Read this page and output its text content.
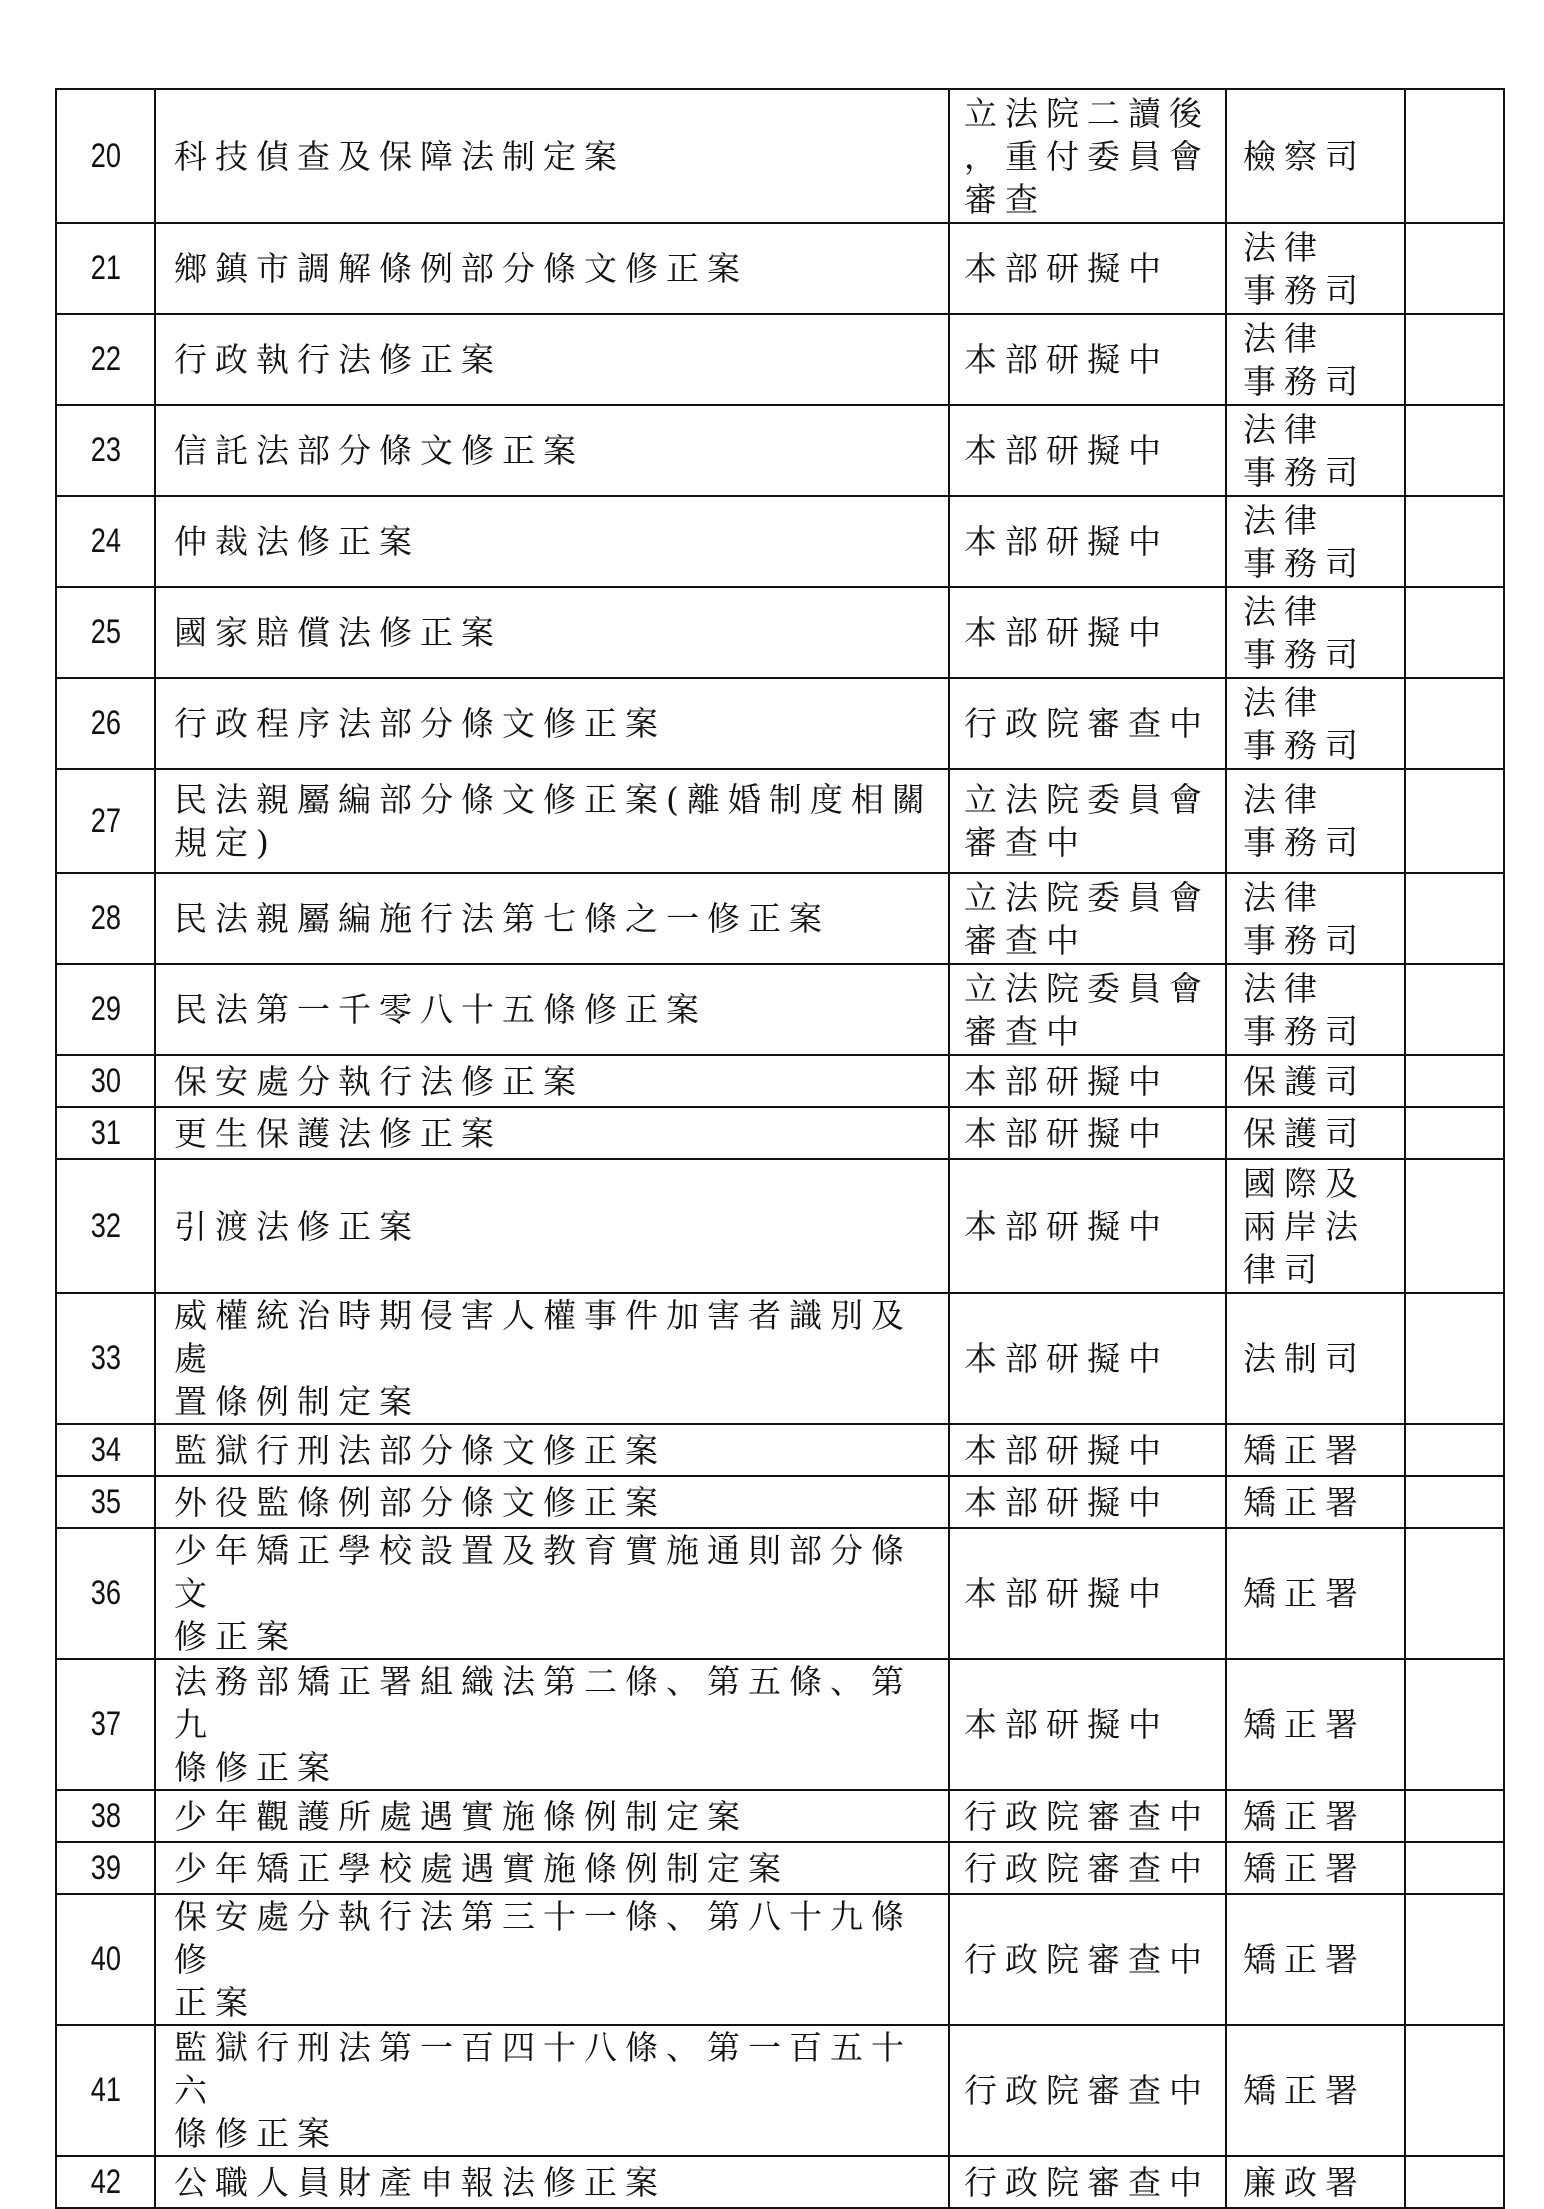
20	科技偵查及保障法制定案	立法院二讀後
，重付委員會
審查	檢察司	

21	鄉鎮市調解條例部分條文修正案	本部研擬中	法律
事務司	

22	行政執行法修正案	本部研擬中	法律
事務司	

23	信託法部分條文修正案	本部研擬中	法律
事務司	

24	仲裁法修正案	本部研擬中	法律
事務司	

25	國家賠償法修正案	本部研擬中	法律
事務司	

26	行政程序法部分條文修正案	行政院審查中	法律
事務司	

27	民法親屬編部分條文修正案(離婚制度相關
規定)	立法院委員會
審查中	法律
事務司	

28	民法親屬編施行法第七條之一修正案	立法院委員會
審查中	法律
事務司	

29	民法第一千零八十五條修正案	立法院委員會
審查中	法律
事務司	

30	保安處分執行法修正案	本部研擬中	保護司	

31	更生保護法修正案	本部研擬中	保護司	

32	引渡法修正案	本部研擬中	國際及
兩岸法
律司	

33	威權統治時期侵害人權事件加害者識別及處
置條例制定案	本部研擬中	法制司	

34	監獄行刑法部分條文修正案	本部研擬中	矯正署	

35	外役監條例部分條文修正案	本部研擬中	矯正署	

36	少年矯正學校設置及教育實施通則部分條文
修正案	本部研擬中	矯正署	

37	法務部矯正署組織法第二條、第五條、第九
條修正案	本部研擬中	矯正署	

38	少年觀護所處遇實施條例制定案	行政院審查中	矯正署	

39	少年矯正學校處遇實施條例制定案	行政院審查中	矯正署	

40	保安處分執行法第三十一條、第八十九條修
正案	行政院審查中	矯正署	

41	監獄行刑法第一百四十八條、第一百五十六
條修正案	行政院審查中	矯正署	

42	公職人員財產申報法修正案	行政院審查中	廉政署	
